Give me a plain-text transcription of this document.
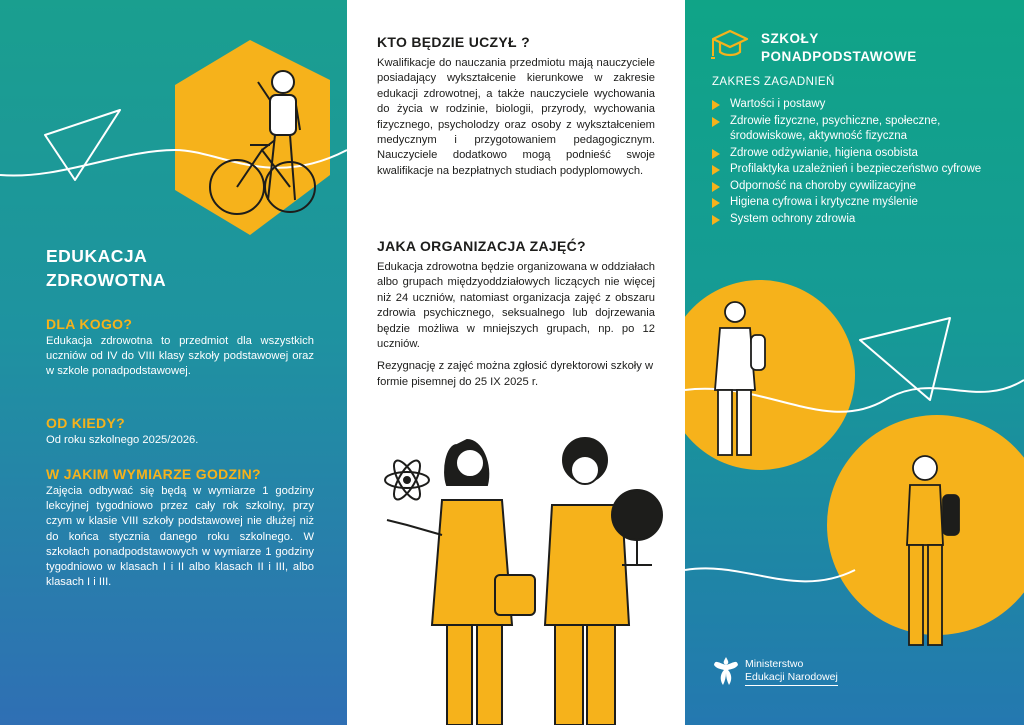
EDUKACJA
ZDROWOTNA
DLA KOGO?
Edukacja zdrowotna to przedmiot dla wszystkich uczniów od IV do VIII klasy szkoły podstawowej oraz w szkole ponadpodstawowej.
OD KIEDY?
Od roku szkolnego 2025/2026.
W JAKIM WYMIARZE GODZIN?
Zajęcia odbywać się będą w wymiarze 1 godziny lekcyjnej tygodniowo przez cały rok szkolny, przy czym w klasie VIII szkoły podstawowej nie dłużej niż do końca stycznia danego roku szkolnego. W szkołach ponadpodstawowych w wymiarze 1 godziny tygodniowo w klasach I i II albo klasach II i III, albo klasach I i III.
KTO BĘDZIE UCZYŁ ?
Kwalifikacje do nauczania przedmiotu mają nauczyciele posiadający wykształcenie kierunkowe w zakresie edukacji zdrowotnej, a także nauczyciele wychowania do życia w rodzinie, biologii, przyrody, wychowania fizycznego, psycholodzy oraz osoby z wykształceniem medycznym i przygotowaniem pedagogicznym. Nauczyciele dodatkowo mogą podnieść swoje kwalifikacje na bezpłatnych studiach podyplomowych.
JAKA ORGANIZACJA ZAJĘĆ?
Edukacja zdrowotna będzie organizowana w oddziałach albo grupach międzyoddziałowych liczących nie więcej niż 24 uczniów, natomiast organizacja zajęć z obszaru zdrowia psychicznego, seksualnego lub dojrzewania będzie możliwa w mniejszych grupach, np. po 12 uczniów.
Rezygnację z zajęć można zgłosić dyrektorowi szkoły w formie pisemnej do 25 IX 2025 r.
SZKOŁY
PONADPODSTAWOWE
ZAKRES ZAGADNIEŃ
Wartości i postawy
Zdrowie fizyczne, psychiczne, społeczne, środowiskowe, aktywność fizyczna
Zdrowe odżywianie, higiena osobista
Profilaktyka uzależnień i bezpieczeństwo cyfrowe
Odporność na choroby cywilizacyjne
Higiena cyfrowa i krytyczne myślenie
System ochrony zdrowia
Ministerstwo
Edukacji Narodowej
